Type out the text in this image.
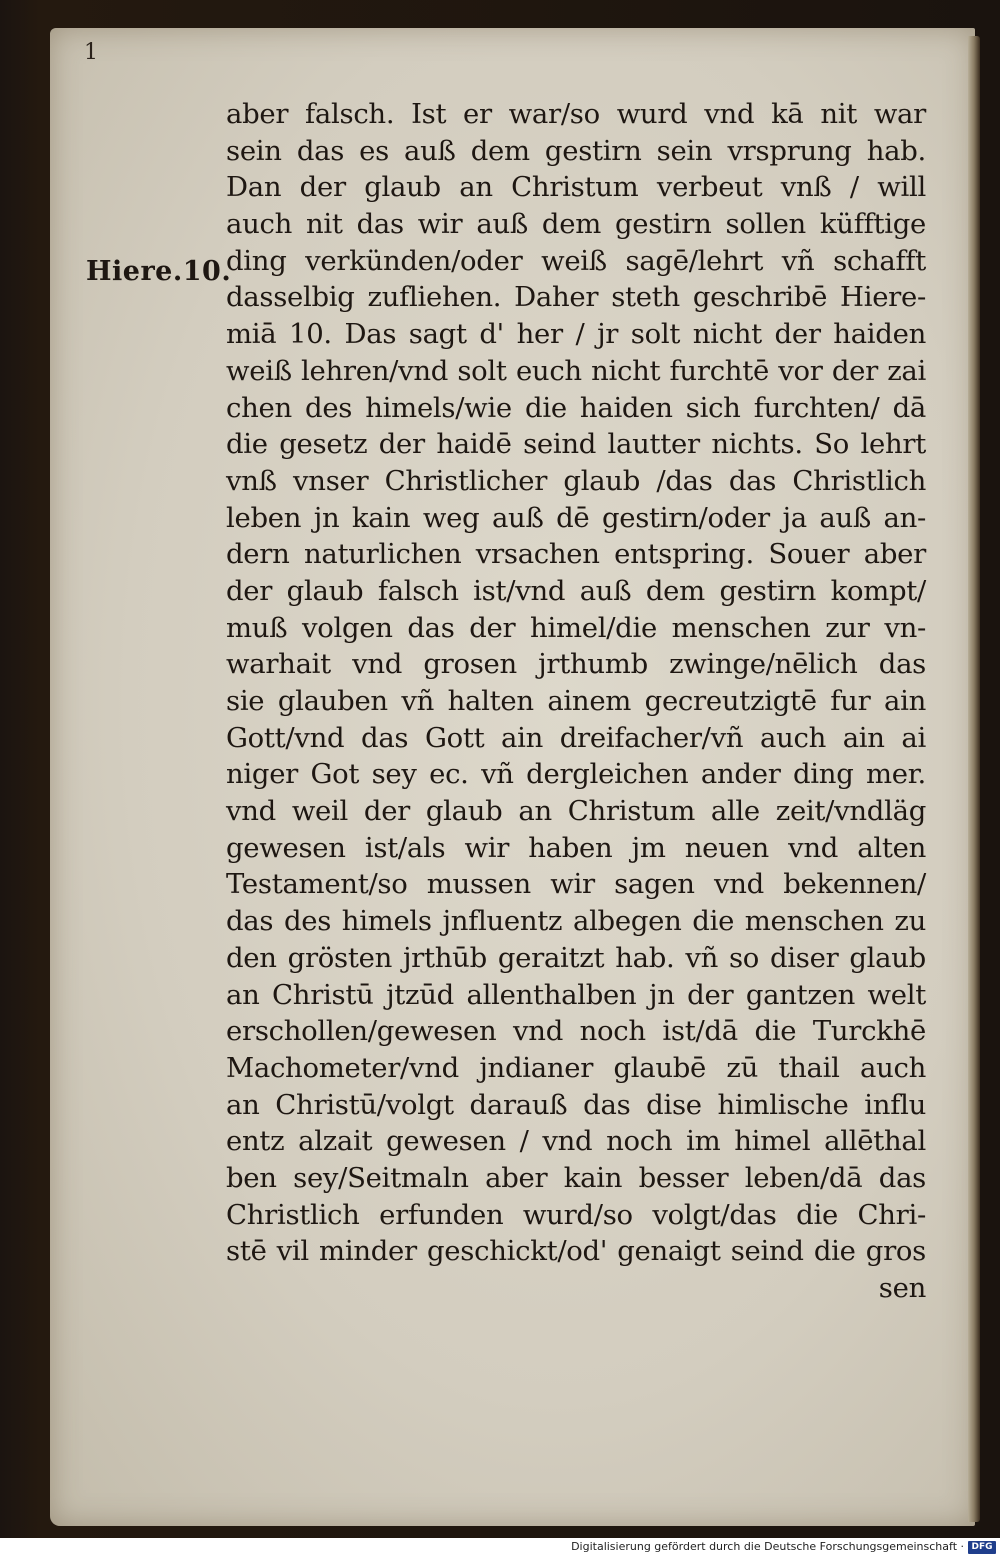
1
Hiere.10.
aber falsch. Ist er war/so wurd vnd kā nit war
sein das es auß dem gestirn sein vrsprung hab.
Dan der glaub an Christum verbeut vnß / will
auch nit das wir auß dem gestirn sollen küfftige
ding verkünden/oder weiß sagē/lehrt vñ schafft
dasselbig zufliehen. Daher steth geschribē Hiere-
miā 10. Das sagt d' her / jr solt nicht der haiden
weiß lehren/vnd solt euch nicht furchtē vor der zai
chen des himels/wie die haiden sich furchten/ dā
die gesetz der haidē seind lautter nichts. So lehrt
vnß vnser Christlicher glaub /das das Christlich
leben jn kain weg auß dē gestirn/oder ja auß an-
dern naturlichen vrsachen entspring. Souer aber
der glaub falsch ist/vnd auß dem gestirn kompt/
muß volgen das der himel/die menschen zur vn-
warhait vnd grosen jrthumb zwinge/nēlich das
sie glauben vñ halten ainem gecreutzigtē fur ain
Gott/vnd das Gott ain dreifacher/vñ auch ain ai
niger Got sey ec. vñ dergleichen ander ding mer.
vnd weil der glaub an Christum alle zeit/vndläg
gewesen ist/als wir haben jm neuen vnd alten
Testament/so mussen wir sagen vnd bekennen/
das des himels jnfluentz albegen die menschen zu
den grösten jrthūb geraitzt hab. vñ so diser glaub
an Christū jtzūd allenthalben jn der gantzen welt
erschollen/gewesen vnd noch ist/dā die Turckhē
Machometer/vnd jndianer glaubē zū thail auch
an Christū/volgt darauß das dise himlische influ
entz alzait gewesen / vnd noch im himel allēthal
ben sey/Seitmaln aber kain besser leben/dā das
Christlich erfunden wurd/so volgt/das die Chri-
stē vil minder geschickt/od' genaigt seind die gros
sen
Digitalisierung gefördert durch die Deutsche Forschungsgemeinschaft · DFG
